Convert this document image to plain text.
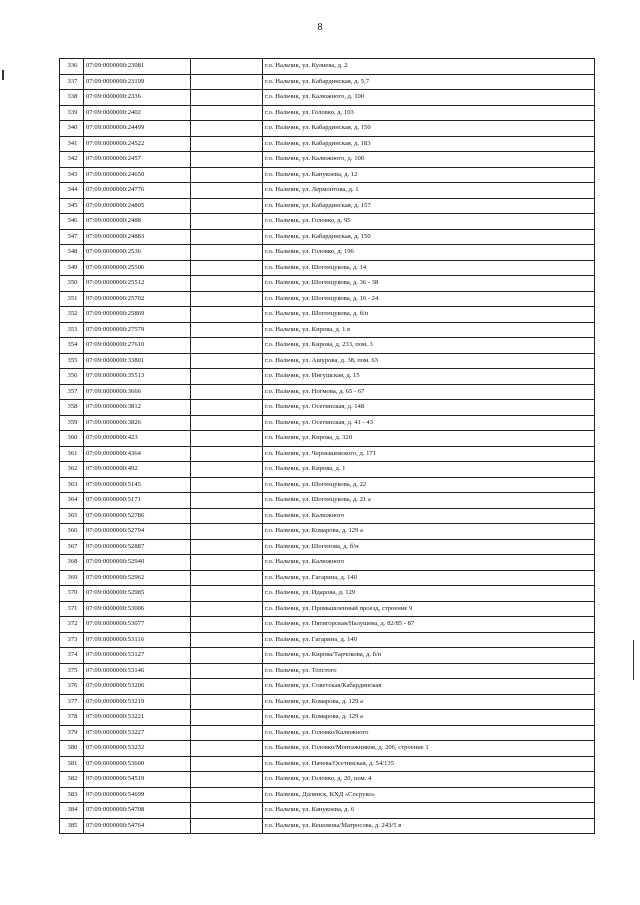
8
336	07:09:0000000:23081		г.о. Нальчик, ул. Кулиева, д. 2
337	07:09:0000000:23199		г.о. Нальчик, ул. Кабардинская, д. 5,7
338	07:09:0000000:2336		г.о. Нальчик, ул. Калюжного, д. 100
339	07:09:0000000:2402		г.о. Нальчик, ул. Головко, д. 103
340	07:09:0000000:24499		г.о. Нальчик, ул. Кабардинская, д. 150
341	07:09:0000000:24522		г.о. Нальчик, ул. Кабардинская, д. 183
342	07:09:0000000:2457		г.о. Нальчик, ул. Калюжного, д. 100
343	07:09:0000000:24650		г.о. Нальчик, ул. Канукоева, д. 12
344	07:09:0000000:24776		г.о. Нальчик, ул. Лермонтова, д. 1
345	07:09:0000000:24805		г.о. Нальчик, ул. Кабардинская, д. 157
346	07:09:0000000:2488		г.о. Нальчик, ул. Головко, д. 95
347	07:09:0000000:24883		г.о. Нальчик, ул. Кабардинская, д. 150
348	07:09:0000000:2536		г.о. Нальчик, ул. Головко, д. 196
349	07:09:0000000:25506		г.о. Нальчик, ул. Шогенцукова, д. 14
350	07:09:0000000:25512		г.о. Нальчик, ул. Шогенцукова, д. 36 - 38
351	07:09:0000000:25702		г.о. Нальчик, ул. Шогенцукова, д. 16 - 24
352	07:09:0000000:25869		г.о. Нальчик, ул. Шогенцукова, д. б/н
353	07:09:0000000:27579		г.о. Нальчик, ул. Кирова, д. 1 в
354	07:09:0000000:27610		г.о. Нальчик, ул. Кирова, д. 233, пом. 3
355	07:09:0000000:33801		г.о. Нальчик, ул. Ашурова, д. 38, пом. 63
356	07:09:0000000:35513		г.о. Нальчик, ул. Ингушская, д. 15
357	07:09:0000000:3666		г.о. Нальчик, ул. Ногмова, д. 65 - 67
358	07:09:0000000:3812		г.о. Нальчик, ул. Осетинская, д. 148
359	07:09:0000000:3826		г.о. Нальчик, ул. Осетинская, д. 41 - 43
360	07:09:0000000:423		г.о. Нальчик, ул. Кирова, д. 320
361	07:09:0000000:4364		г.о. Нальчик, ул. Чернышевского, д. 171
362	07:09:0000000:492		г.о. Нальчик, ул. Кирова, д. 1
363	07:09:0000000:5145		г.о. Нальчик, ул. Шогенцукова, д. 22
364	07:09:0000000:5171		г.о. Нальчик, ул. Шогенцукова, д. 21 а
365	07:09:0000000:52786		г.о. Нальчик, ул. Калюжного
366	07:09:0000000:52794		г.о. Нальчик, ул. Комарова, д. 129 а
367	07:09:0000000:52887		г.о. Нальчик, ул. Шогенова, д. б/н
368	07:09:0000000:52940		г.о. Нальчик, ул. Калюжного
369	07:09:0000000:52962		г.о. Нальчик, ул. Гагарина, д. 140
370	07:09:0000000:52985		г.о. Нальчик, ул. Идарова, д. 129
371	07:09:0000000:53006		г.о. Нальчик, ул. Промышленный проезд, строение 9
372	07:09:0000000:53077		г.о. Нальчик, ул. Пятигорская/Налушева, д. 82/85 - 87
373	07:09:0000000:53116		г.о. Нальчик, ул. Гагарина, д. 140
374	07:09:0000000:53127		г.о. Нальчик, ул. Кирова/Тарчокова, д. б/н
375	07:09:0000000:53146		г.о. Нальчик, ул. Толстого
376	07:09:0000000:53206		г.о. Нальчик, ул. Советская/Кабардинская
377	07:09:0000000:53219		г.о. Нальчик, ул. Комарова, д. 129 а
378	07:09:0000000:53221		г.о. Нальчик, ул. Комарова, д. 129 а
379	07:09:0000000:53227		г.о. Нальчик, ул. Головко/Калюжного
380	07:09:0000000:53232		г.о. Нальчик, ул. Головко/Монтажников, д. 206, строение 1
381	07:09:0000000:53600		г.о. Нальчик, ул. Пачева/Осетинская, д. 54/135
382	07:09:0000000:54519		г.о. Нальчик, ул. Головко, д. 20, пом. 4
383	07:09:0000000:54699		г.о. Нальчик, Долинск, КХД «Сосруко»
384	07:09:0000000:54708		г.о. Нальчик, ул. Канукоева, д. 6
385	07:09:0000000:54764		г.о. Нальчик, ул. Кешокова/Матросова, д. 243/5 в
